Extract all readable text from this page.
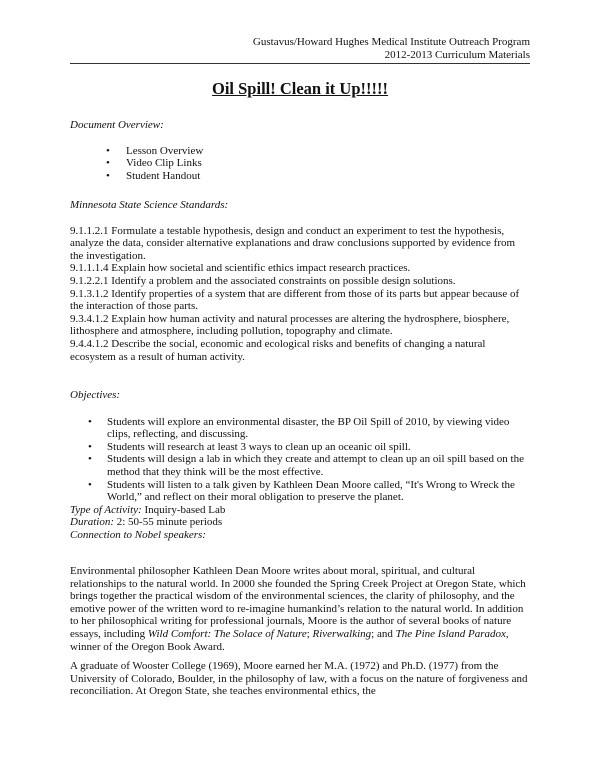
Gustavus/Howard Hughes Medical Institute Outreach Program
2012-2013 Curriculum Materials
Oil Spill! Clean it Up!!!!!
Document Overview:
• Lesson Overview
• Video Clip Links
• Student Handout
Minnesota State Science Standards:

9.1.1.2.1 Formulate a testable hypothesis, design and conduct an experiment to test the hypothesis, analyze the data, consider alternative explanations and draw conclusions supported by evidence from the investigation.

9.1.1.1.4 Explain how societal and scientific ethics impact research practices.

9.1.2.2.1 Identify a problem and the associated constraints on possible design solutions.

9.1.3.1.2 Identify properties of a system that are different from those of its parts but appear because of the interaction of those parts.

9.3.4.1.2 Explain how human activity and natural processes are altering the hydrosphere, biosphere, lithosphere and atmosphere, including pollution, topography and climate.

9.4.4.1.2 Describe the social, economic and ecological risks and benefits of changing a natural ecosystem as a result of human activity.

Objectives:
• Students will explore an environmental disaster, the BP Oil Spill of 2010, by viewing video clips, reflecting, and discussing.
• Students will research at least 3 ways to clean up an oceanic oil spill.
• Students will design a lab in which they create and attempt to clean up an oil spill based on the method that they think will be the most effective.
• Students will listen to a talk given by Kathleen Dean Moore called, “It's Wrong to Wreck the World,” and reflect on their moral obligation to preserve the planet.
Type of Activity: Inquiry-based Lab
Duration: 2: 50-55 minute periods
Connection to Nobel speakers:

Environmental philosopher Kathleen Dean Moore writes about moral, spiritual, and cultural relationships to the natural world. In 2000 she founded the Spring Creek Project at Oregon State, which brings together the practical wisdom of the environmental sciences, the clarity of philosophy, and the emotive power of the written word to re-imagine humankind’s relation to the natural world. In addition to her philosophical writing for professional journals, Moore is the author of several books of nature essays, including Wild Comfort: The Solace of Nature; Riverwalking; and The Pine Island Paradox, winner of the Oregon Book Award.

A graduate of Wooster College (1969), Moore earned her M.A. (1972) and Ph.D. (1977) from the University of Colorado, Boulder, in the philosophy of law, with a focus on the nature of forgiveness and reconciliation. At Oregon State, she teaches environmental ethics, the
